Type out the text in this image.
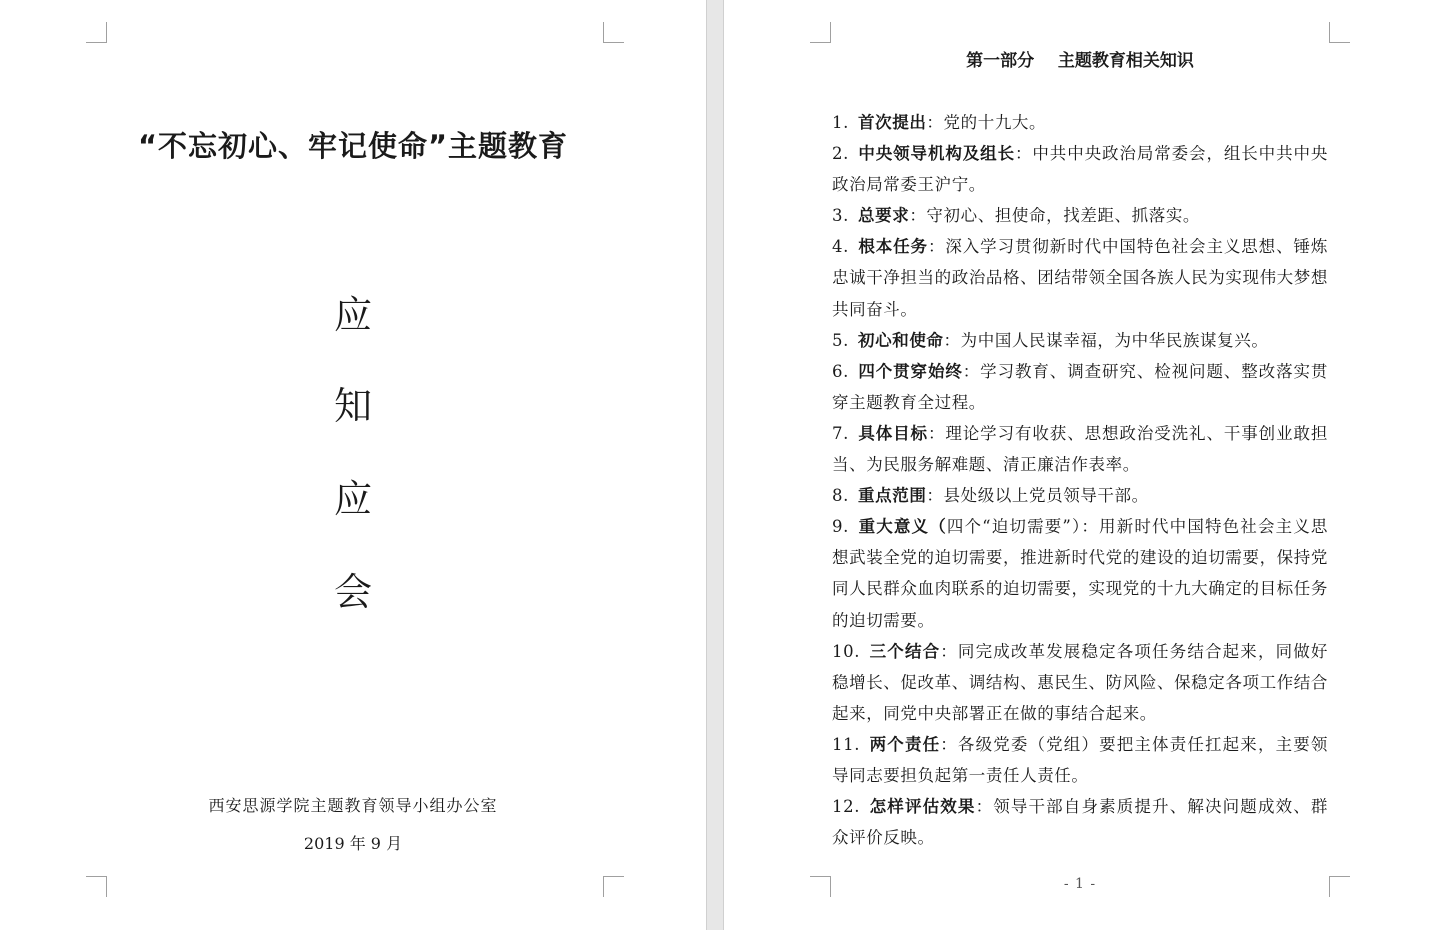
“不忘初心、牢记使命”主题教育
应
知
应
会
西安思源学院主题教育领导小组办公室
2019 年 9 月
第一部分    主题教育相关知识
1. 首次提出：党的十九大。
2. 中央领导机构及组长：中共中央政治局常委会，组长中共中央政治局常委王沪宁。
3. 总要求：守初心、担使命，找差距、抓落实。
4. 根本任务：深入学习贯彻新时代中国特色社会主义思想、锤炼忠诚干净担当的政治品格、团结带领全国各族人民为实现伟大梦想共同奋斗。
5. 初心和使命：为中国人民谋幸福，为中华民族谋复兴。
6. 四个贯穿始终：学习教育、调查研究、检视问题、整改落实贯穿主题教育全过程。
7. 具体目标：理论学习有收获、思想政治受洗礼、干事创业敢担当、为民服务解难题、清正廉洁作表率。
8. 重点范围：县处级以上党员领导干部。
9. 重大意义（四个“迫切需要”）：用新时代中国特色社会主义思想武装全党的迫切需要，推进新时代党的建设的迫切需要，保持党同人民群众血肉联系的迫切需要，实现党的十九大确定的目标任务的迫切需要。
10. 三个结合：同完成改革发展稳定各项任务结合起来，同做好稳增长、促改革、调结构、惠民生、防风险、保稳定各项工作结合起来，同党中央部署正在做的事结合起来。
11. 两个责任：各级党委（党组）要把主体责任扛起来，主要领导同志要担负起第一责任人责任。
12. 怎样评估效果：领导干部自身素质提升、解决问题成效、群众评价反映。
- 1 -
